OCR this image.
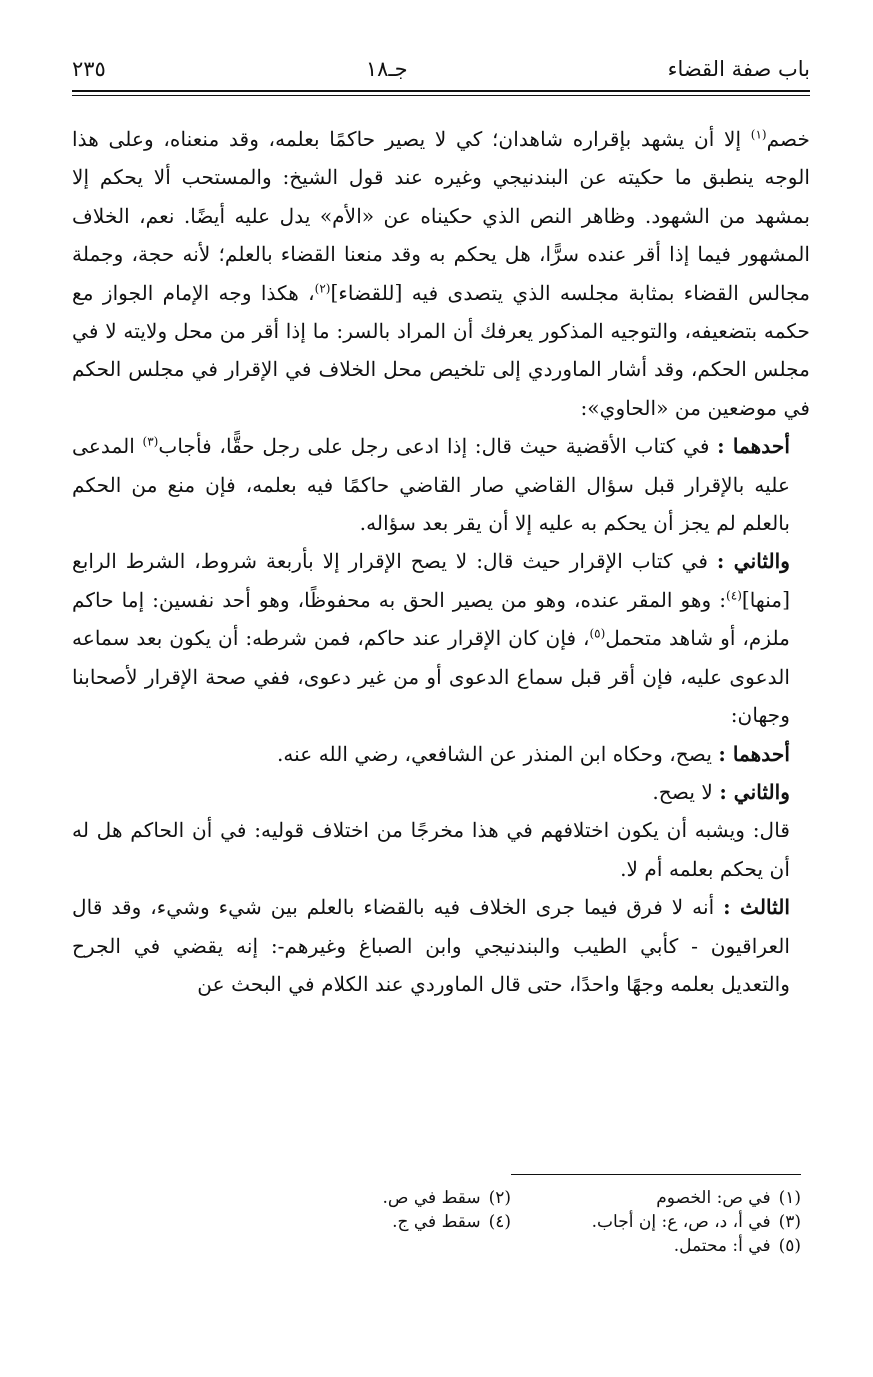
باب صفة القضاء
جـ١٨
٢٣٥

خصم$^{(١)}$ إلا أن يشهد بإقراره شاهدان؛ كي لا يصير حاكمًا بعلمه، وقد منعناه، وعلى هذا الوجه ينطبق ما حكيته عن البندنيجي وغيره عند قول الشيخ: والمستحب ألا يحكم إلا بمشهد من الشهود. وظاهر النص الذي حكيناه عن «الأم» يدل عليه أيضًا. نعم، الخلاف المشهور فيما إذا أقر عنده سرًّا، هل يحكم به وقد منعنا القضاء بالعلم؛ لأنه حجة، وجملة مجالس القضاء بمثابة مجلسه الذي يتصدى فيه [للقضاء]$^{(٢)}$، هكذا وجه الإمام الجواز مع حكمه بتضعيفه، والتوجيه المذكور يعرفك أن المراد بالسر: ما إذا أقر من محل ولايته لا في مجلس الحكم، وقد أشار الماوردي إلى تلخيص محل الخلاف في الإقرار في مجلس الحكم في موضعين من «الحاوي»:

أحدهما : في كتاب الأقضية حيث قال: إذا ادعى رجل على رجل حقًّا، فأجاب$^{(٣)}$ المدعى عليه بالإقرار قبل سؤال القاضي صار القاضي حاكمًا فيه بعلمه، فإن منع من الحكم بالعلم لم يجز أن يحكم به عليه إلا أن يقر بعد سؤاله.

والثاني : في كتاب الإقرار حيث قال: لا يصح الإقرار إلا بأربعة شروط، الشرط الرابع [منها]$^{(٤)}$: وهو المقر عنده، وهو من يصير الحق به محفوظًا، وهو أحد نفسين: إما حاكم ملزم، أو شاهد متحمل$^{(٥)}$، فإن كان الإقرار عند حاكم، فمن شرطه: أن يكون بعد سماعه الدعوى عليه، فإن أقر قبل سماع الدعوى أو من غير دعوى، ففي صحة الإقرار لأصحابنا وجهان:

أحدهما : يصح، وحكاه ابن المنذر عن الشافعي، رضي الله عنه.

والثاني : لا يصح.

قال: ويشبه أن يكون اختلافهم في هذا مخرجًا من اختلاف قوليه: في أن الحاكم هل له أن يحكم بعلمه أم لا.

الثالث : أنه لا فرق فيما جرى الخلاف فيه بالقضاء بالعلم بين شيء وشيء، وقد قال العراقيون - كأبي الطيب والبندنيجي وابن الصباغ وغيرهم-: إنه يقضي في الجرح والتعديل بعلمه وجهًا واحدًا، حتى قال الماوردي عند الكلام في البحث عن

(١)في ص: الخصوم
(٢)سقط في ص.
(٣)في أ، د، ص، ع: إن أجاب.
(٤)سقط في ج.
(٥)في أ: محتمل.
